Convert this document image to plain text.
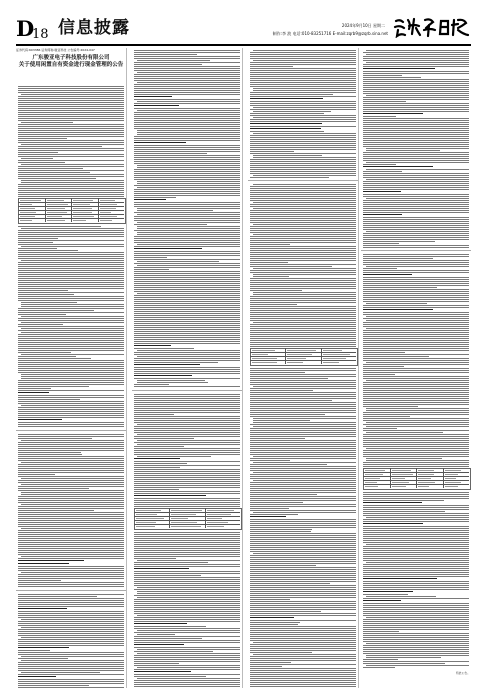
D
18 信息披露	2024年9月10日 星期二
制作:李 波 电话:010-83251716 E-mail:zqrb9@zqrb.sina.net
证券代码:603386 证券简称:骏亚科技 公告编号:2024-047
广东骏亚电子科技股份有限公司
关于使用闲置自有资金进行现金管理的公告
特此公告。
